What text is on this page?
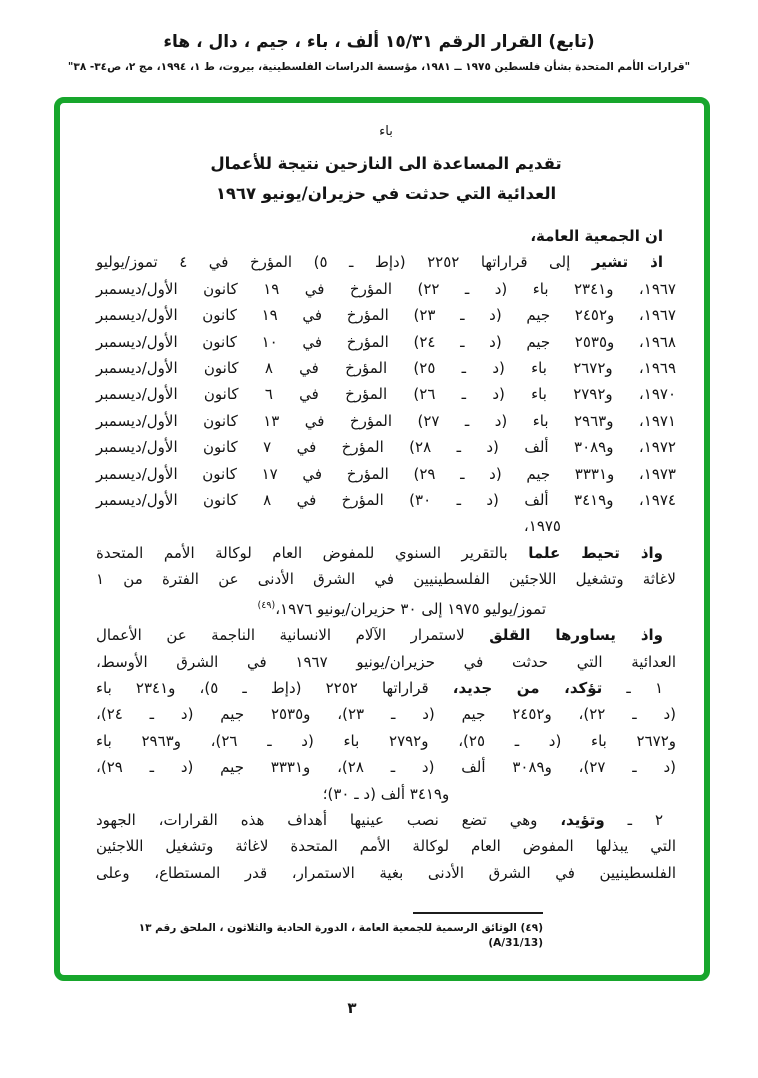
(تابع) القرار الرقم ١٥/٣١ ألف ، باء ، جيم ، دال ، هاء
"قرارات الأمم المتحدة بشأن فلسطين ١٩٧٥ ــ ١٩٨١، مؤسسة الدراسات الفلسطينية، بيروت، ط ١، ١٩٩٤، مج ٢، ص٣٤- ٣٨"
باء
تقديم المساعدة الى النازحين نتيجة للأعمال
العدائية التي حدثت في حزيران/يونيو ١٩٦٧
ان الجمعية العامة،
اذ تشير إلى قراراتها ٢٢٥٢ (دإط ـ ٥) المؤرخ في ٤ تموز/يوليو
١٩٦٧، و٢٣٤١ باء (د ـ ٢٢) المؤرخ في ١٩ كانون الأول/ديسمبر
١٩٦٧، و٢٤٥٢ جيم (د ـ ٢٣) المؤرخ في ١٩ كانون الأول/ديسمبر
١٩٦٨، و٢٥٣٥ جيم (د ـ ٢٤) المؤرخ في ١٠ كانون الأول/ديسمبر
١٩٦٩، و٢٦٧٢ باء (د ـ ٢٥) المؤرخ في ٨ كانون الأول/ديسمبر
١٩٧٠، و٢٧٩٢ باء (د ـ ٢٦) المؤرخ في ٦ كانون الأول/ديسمبر
١٩٧١، و٢٩٦٣ باء (د ـ ٢٧) المؤرخ في ١٣ كانون الأول/ديسمبر
١٩٧٢، و٣٠٨٩ ألف (د ـ ٢٨) المؤرخ في ٧ كانون الأول/ديسمبر
١٩٧٣، و٣٣٣١ جيم (د ـ ٢٩) المؤرخ في ١٧ كانون الأول/ديسمبر
١٩٧٤، و٣٤١٩ ألف (د ـ ٣٠) المؤرخ في ٨ كانون الأول/ديسمبر
١٩٧٥،
واذ تحيط علما بالتقرير السنوي للمفوض العام لوكالة الأمم المتحدة
لاغاثة وتشغيل اللاجئين الفلسطينيين في الشرق الأدنى عن الفترة من ١
تموز/يوليو ١٩٧٥ إلى ٣٠ حزيران/يونيو ١٩٧٦،$^{(٤٩)}$
واذ يساورها القلق لاستمرار الآلام الانسانية الناجمة عن الأعمال
العدائية التي حدثت في حزيران/يونيو ١٩٦٧ في الشرق الأوسط،
١ ـ تؤكد، من جديد، قراراتها ٢٢٥٢ (دإط ـ ٥)، و٢٣٤١ باء
(د ـ ٢٢)، و٢٤٥٢ جيم (د ـ ٢٣)، و٢٥٣٥ جيم (د ـ ٢٤)،
و٢٦٧٢ باء (د ـ ٢٥)، و٢٧٩٢ باء (د ـ ٢٦)، و٢٩٦٣ باء
(د ـ ٢٧)، و٣٠٨٩ ألف (د ـ ٢٨)، و٣٣٣١ جيم (د ـ ٢٩)،
و٣٤١٩ ألف (د ـ ٣٠)؛
٢ ـ وتؤيد، وهي تضع نصب عينيها أهداف هذه القرارات، الجهود
التي يبذلها المفوض العام لوكالة الأمم المتحدة لاغاثة وتشغيل اللاجئين
الفلسطينيين في الشرق الأدنى بغية الاستمرار، قدر المستطاع، وعلى
(٤٩) الوثائق الرسمية للجمعية العامة ، الدورة الحادية والثلاثون ، الملحق رقم ١٣ (A/31/13)
٣
